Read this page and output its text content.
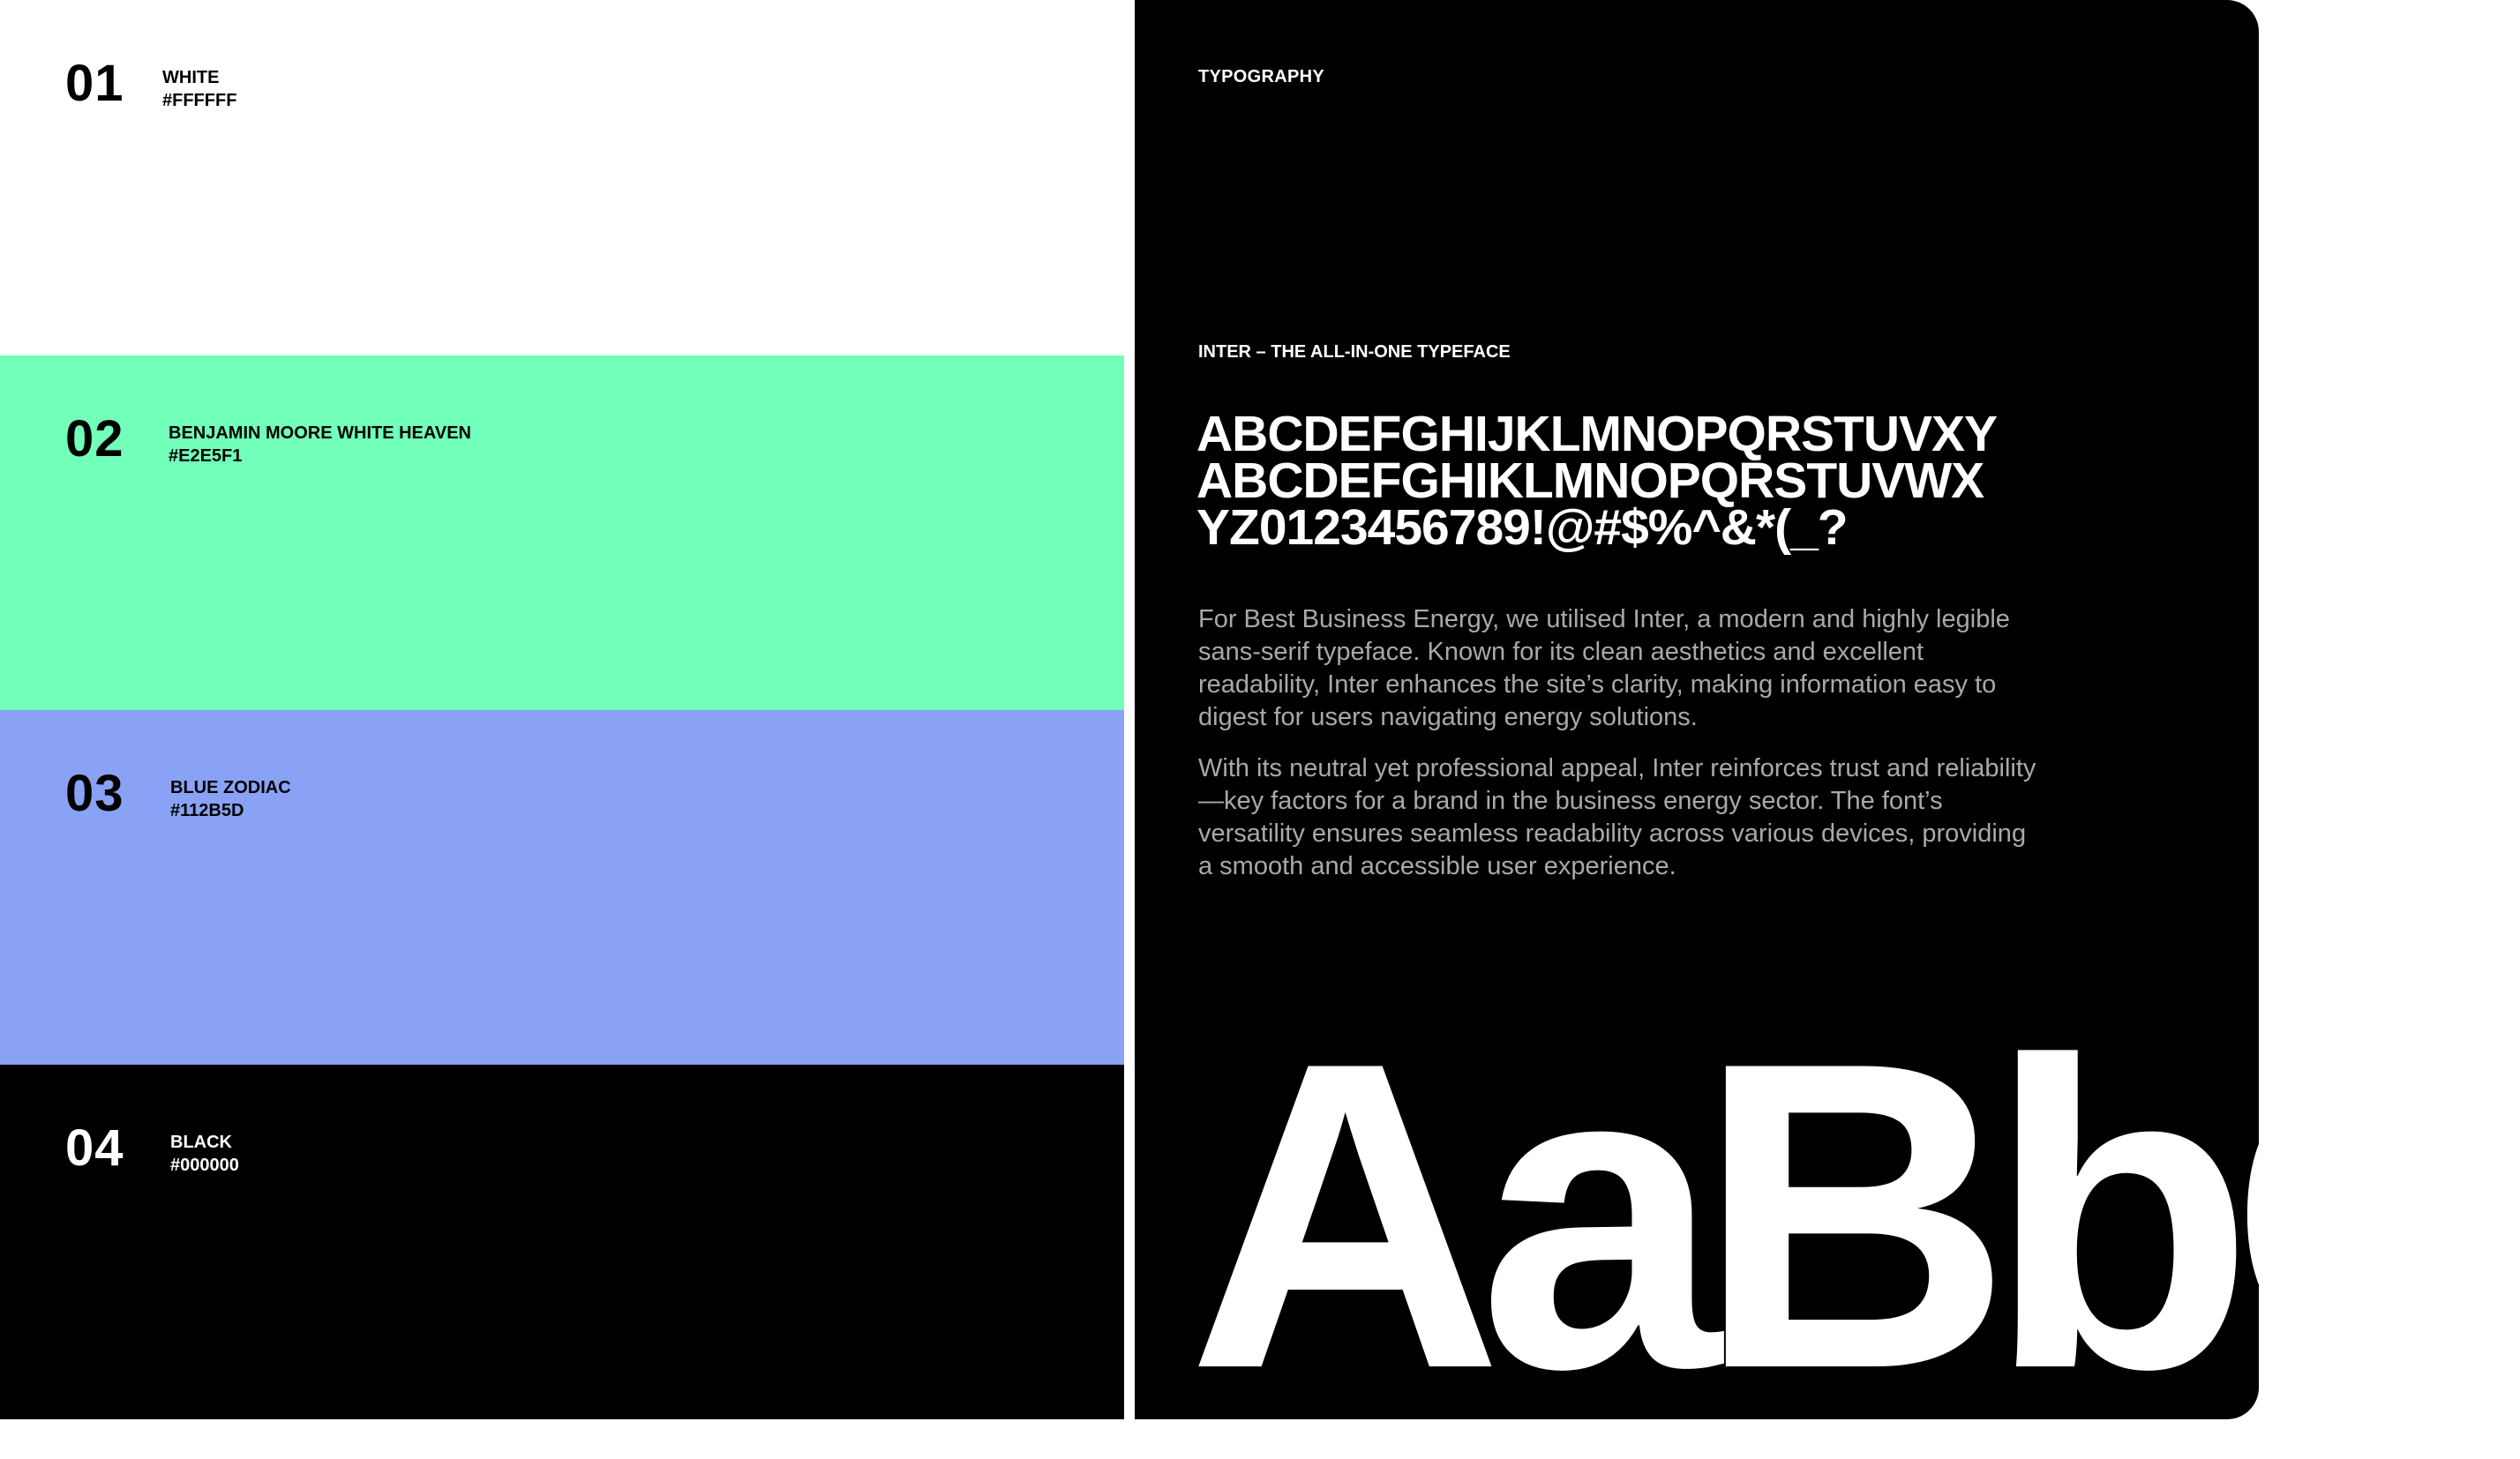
01 WHITE
#FFFFFF
02	BENJAMIN MOORE WHITE HEAVEN
#E2E5F1
03	BLUE ZODIAC
#112B5D
04	BLACK
#000000
TYPOGRAPHY
INTER – THE ALL-IN-ONE TYPEFACE
ABCDEFGHIJKLMNOPQRSTUVXY
ABCDEFGHIKLMNOPQRSTUVWX
YZ0123456789!@#$%^&*(_?

For Best Business Energy, we utilised Inter, a modern and highly legible sans-serif typeface. Known for its clean aesthetics and excellent readability, Inter enhances the site’s clarity, making information easy to digest for users navigating energy solutions.

With its neutral yet professional appeal, Inter reinforces trust and reliability—key factors for a brand in the business energy sector. The font’s versatility ensures seamless readability across various devices, providing a smooth and accessible user experience.

AaBbC
